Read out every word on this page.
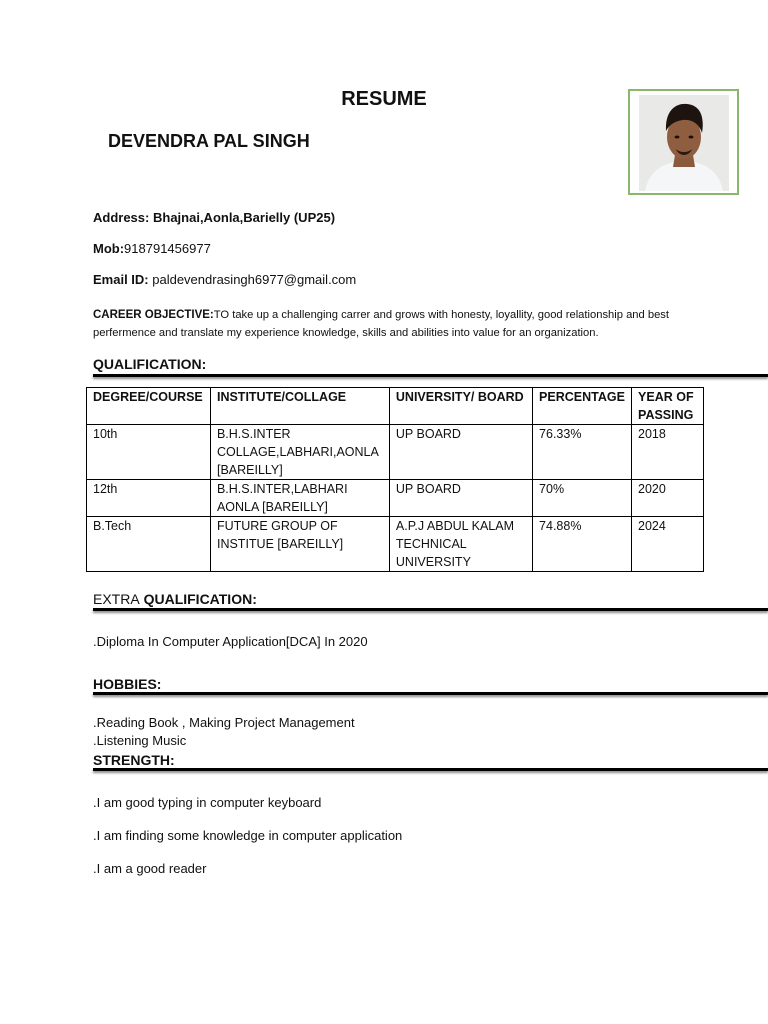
RESUME
DEVENDRA PAL SINGH
Address: Bhajnai,Aonla,Barielly (UP25)
Mob:918791456977
Email ID: paldevendrasingh6977@gmail.com
CAREER OBJECTIVE:TO take up a challenging carrer and grows with honesty, loyallity, good relationship and best perfermence and translate my experience knowledge, skills and abilities into value for an organization.
QUALIFICATION:
DEGREE/COURSE	INSTITUTE/COLLAGE	UNIVERSITY/ BOARD	PERCENTAGE	YEAR OF PASSING
10th	B.H.S.INTER COLLAGE,LABHARI,AONLA [BAREILLY]	UP BOARD	76.33%	2018
12th	B.H.S.INTER,LABHARI AONLA [BAREILLY]	UP BOARD	70%	2020
B.Tech	FUTURE GROUP OF INSTITUE [BAREILLY]	A.P.J ABDUL KALAM TECHNICAL UNIVERSITY	74.88%	2024
EXTRA QUALIFICATION:
.Diploma In Computer Application[DCA] In 2020
HOBBIES:
.Reading Book , Making Project Management
.Listening Music
STRENGTH:
.I am good typing in computer keyboard
.I am finding some knowledge in computer application
.I am a good reader
